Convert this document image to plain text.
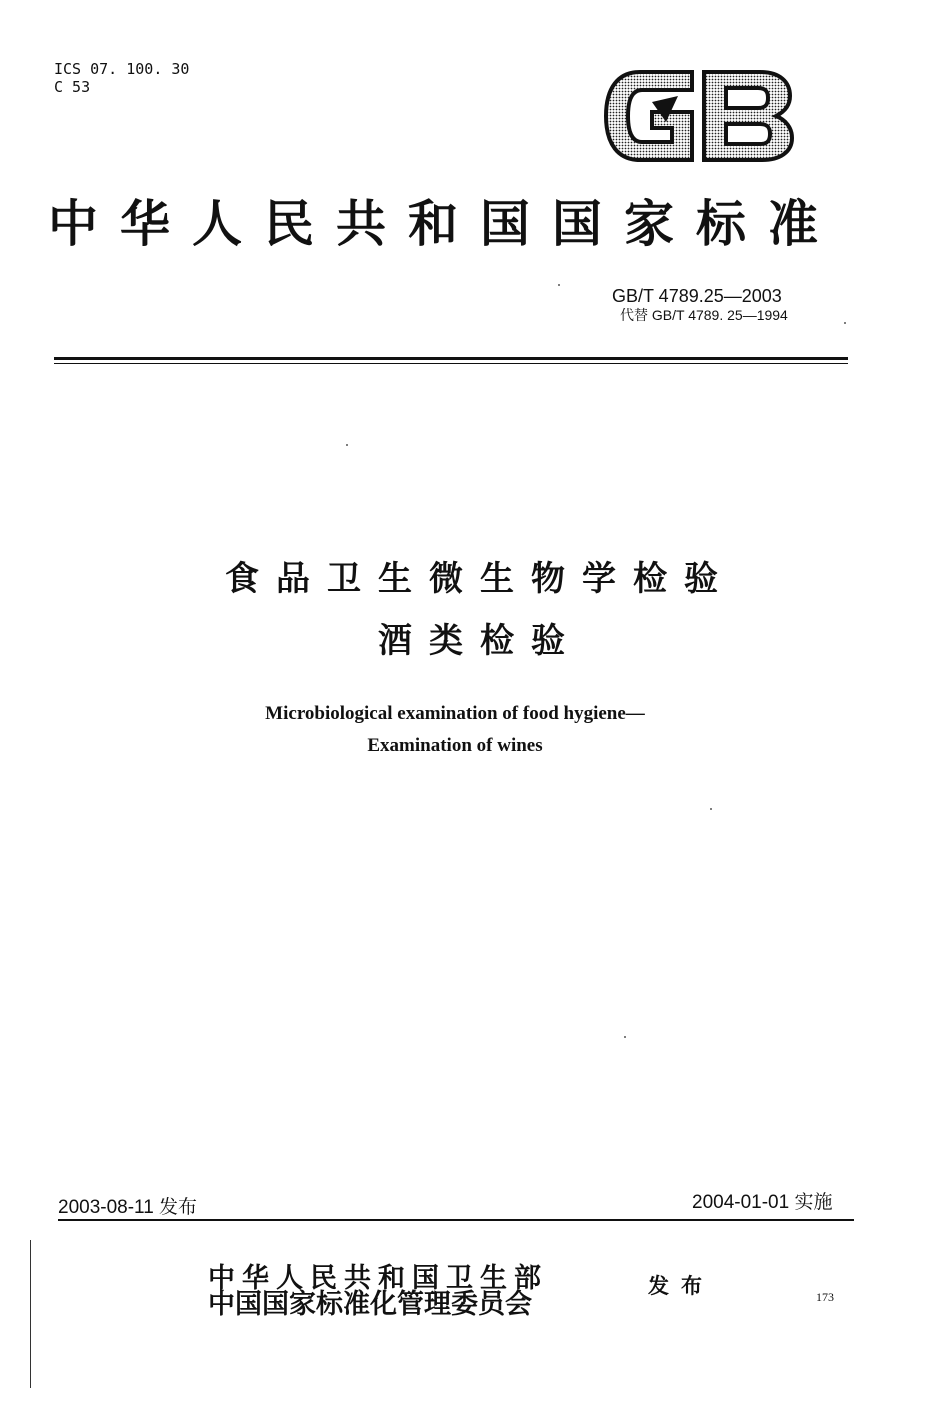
ICS 07. 100. 30
C 53
中华人民共和国国家标准
GB/T 4789.25—2003
代替 GB/T 4789. 25—1994
食品卫生微生物学检验
酒类检验
Microbiological examination of food hygiene—
Examination of wines
2003-08-11 发布	2004-01-01 实施
中华人民共和国卫生部
中国国家标准化管理委员会
发布	173
